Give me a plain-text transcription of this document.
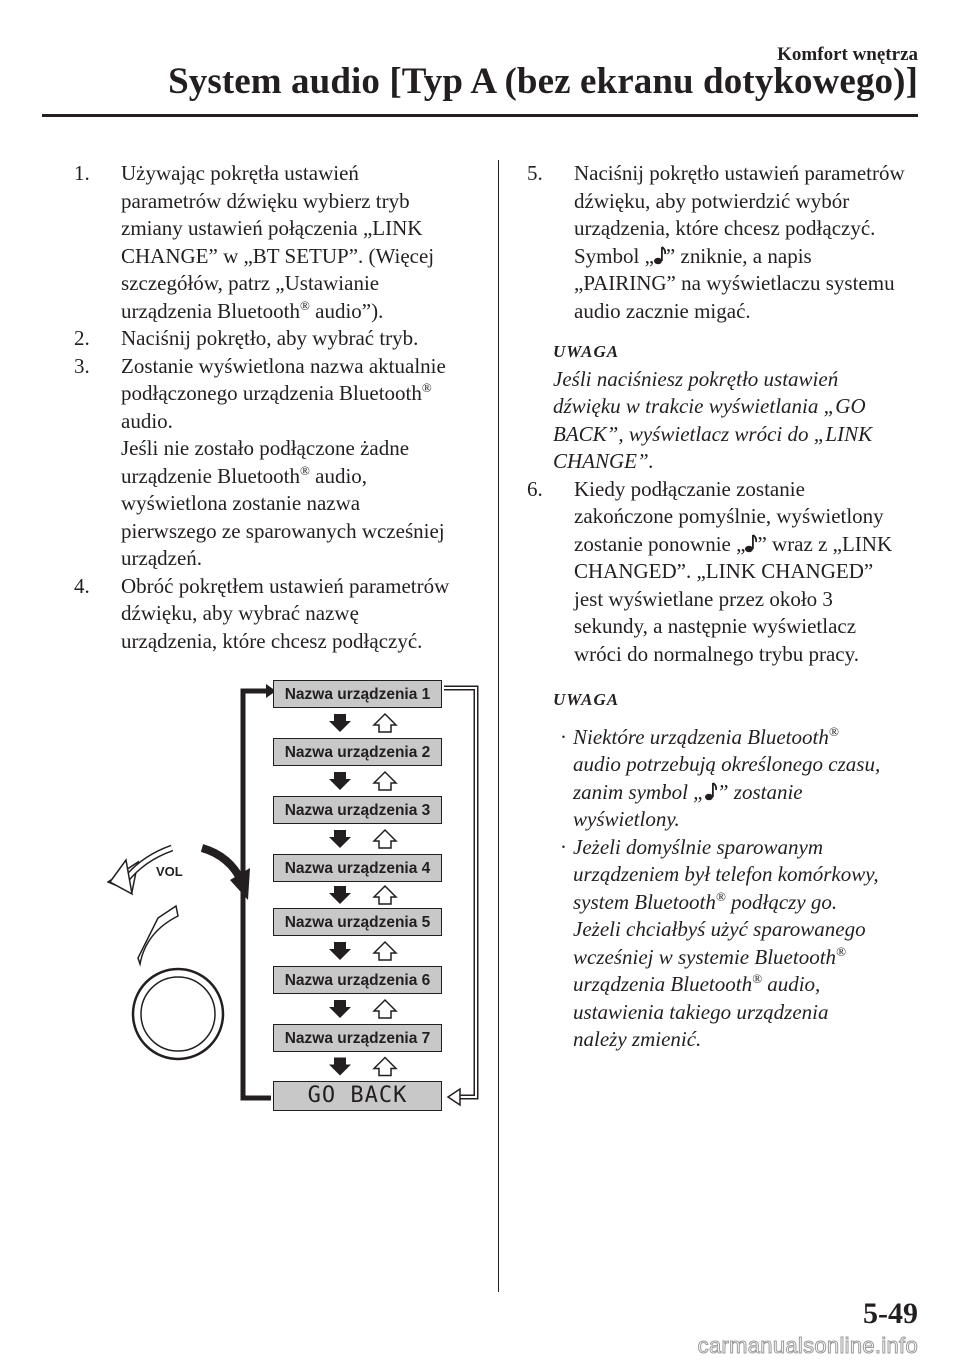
Komfort wnętrza
System audio [Typ A (bez ekranu dotykowego)]
1. Używając pokrętła ustawień

parametrów dźwięku wybierz tryb

zmiany ustawień połączenia „LINK

CHANGE” w „BT SETUP”. (Więcej

szczegółów, patrz „Ustawianie

urządzenia Bluetooth® audio”).

2. Naciśnij pokrętło, aby wybrać tryb.

3. Zostanie wyświetlona nazwa aktualnie

podłączonego urządzenia Bluetooth®

audio.

Jeśli nie zostało podłączone żadne

urządzenie Bluetooth® audio,

wyświetlona zostanie nazwa

pierwszego ze sparowanych wcześniej

urządzeń.

4. Obróć pokrętłem ustawień parametrów

dźwięku, aby wybrać nazwę

urządzenia, które chcesz podłączyć.

VOL
Nazwa urządzenia 1
Nazwa urządzenia 2
Nazwa urządzenia 3
Nazwa urządzenia 4
Nazwa urządzenia 5
Nazwa urządzenia 6
Nazwa urządzenia 7
GO BACK
5. Naciśnij pokrętło ustawień parametrów

dźwięku, aby potwierdzić wybór

urządzenia, które chcesz podłączyć.

Symbol „ ” zniknie, a napis

„PAIRING” na wyświetlaczu systemu

audio zacznie migać.

UWAGA

Jeśli naciśniesz pokrętło ustawień

dźwięku w trakcie wyświetlania „GO

BACK”, wyświetlacz wróci do „LINK

CHANGE”.

6. Kiedy podłączanie zostanie

zakończone pomyślnie, wyświetlony

zostanie ponownie „ ” wraz z „LINK

CHANGED”. „LINK CHANGED”

jest wyświetlane przez około 3

sekundy, a następnie wyświetlacz

wróci do normalnego trybu pracy.

UWAGA

· Niektóre urządzenia Bluetooth®

audio potrzebują określonego czasu,

zanim symbol „ ” zostanie

wyświetlony.

· Jeżeli domyślnie sparowanym

urządzeniem był telefon komórkowy,

system Bluetooth® podłączy go.

Jeżeli chciałbyś użyć sparowanego

wcześniej w systemie Bluetooth®

urządzenia Bluetooth® audio,

ustawienia takiego urządzenia

należy zmienić.

5-49
carmanualsonline.info
